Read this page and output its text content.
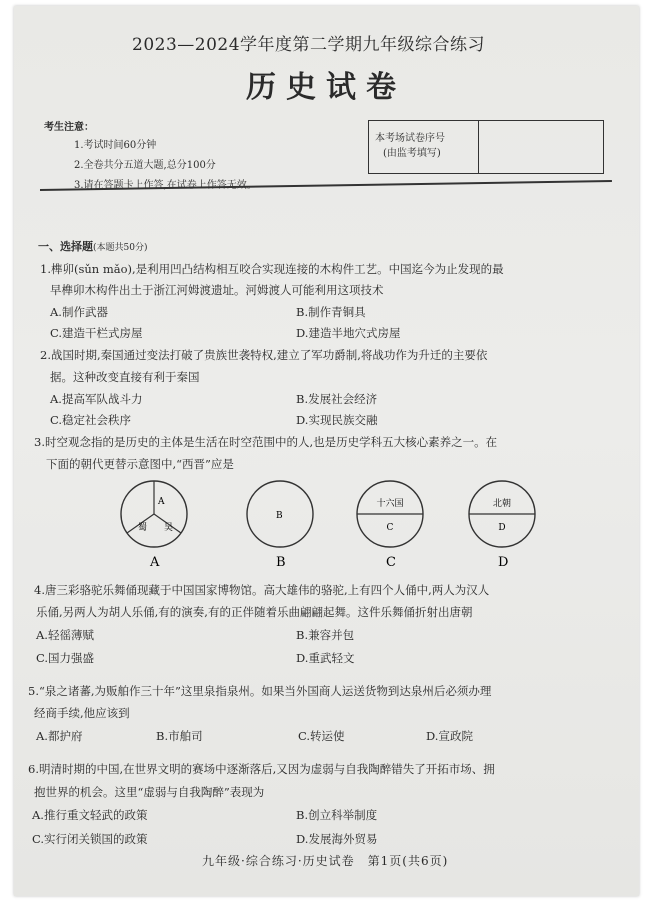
2023—2024学年度第二学期九年级综合练习
历史试卷
考生注意：
1.考试时间60分钟
2.全卷共分五道大题,总分100分
3.请在答题卡上作答,在试卷上作答无效。
本考场试卷序号
(由监考填写)
一、选择题(本题共50分)
1.榫卯(sǔn mǎo),是利用凹凸结构相互咬合实现连接的木构件工艺。中国迄今为止发现的最
早榫卯木构件出土于浙江河姆渡遗址。河姆渡人可能利用这项技术
A.制作武器	B.制作青铜具
C.建造干栏式房屋	D.建造半地穴式房屋
2.战国时期,秦国通过变法打破了贵族世袭特权,建立了军功爵制,将战功作为升迁的主要依
据。这种改变直接有利于秦国
A.提高军队战斗力	B.发展社会经济
C.稳定社会秩序	D.实现民族交融
3.时空观念指的是历史的主体是生活在时空范围中的人,也是历史学科五大核心素养之一。在
下面的朝代更替示意图中,“西晋”应是
A
蜀 吴
B
十六国
C
北朝
D
A	B	C	D
4.唐三彩骆驼乐舞俑现藏于中国国家博物馆。高大雄伟的骆驼,上有四个人俑中,两人为汉人
乐俑,另两人为胡人乐俑,有的演奏,有的正伴随着乐曲翩翩起舞。这件乐舞俑折射出唐朝
A.轻徭薄赋	B.兼容并包
C.国力强盛	D.重武轻文
5.“泉之诸蕃,为贩舶作三十年”这里泉指泉州。如果当外国商人运送货物到达泉州后必须办理
经商手续,他应该到
A.都护府	B.市舶司	C.转运使	D.宣政院
6.明清时期的中国,在世界文明的赛场中逐渐落后,又因为虚弱与自我陶醉错失了开拓市场、拥
抱世界的机会。这里“虚弱与自我陶醉”表现为
A.推行重文轻武的政策	B.创立科举制度
C.实行闭关锁国的政策	D.发展海外贸易
九年级·综合练习·历史试卷　第1页(共6页)
